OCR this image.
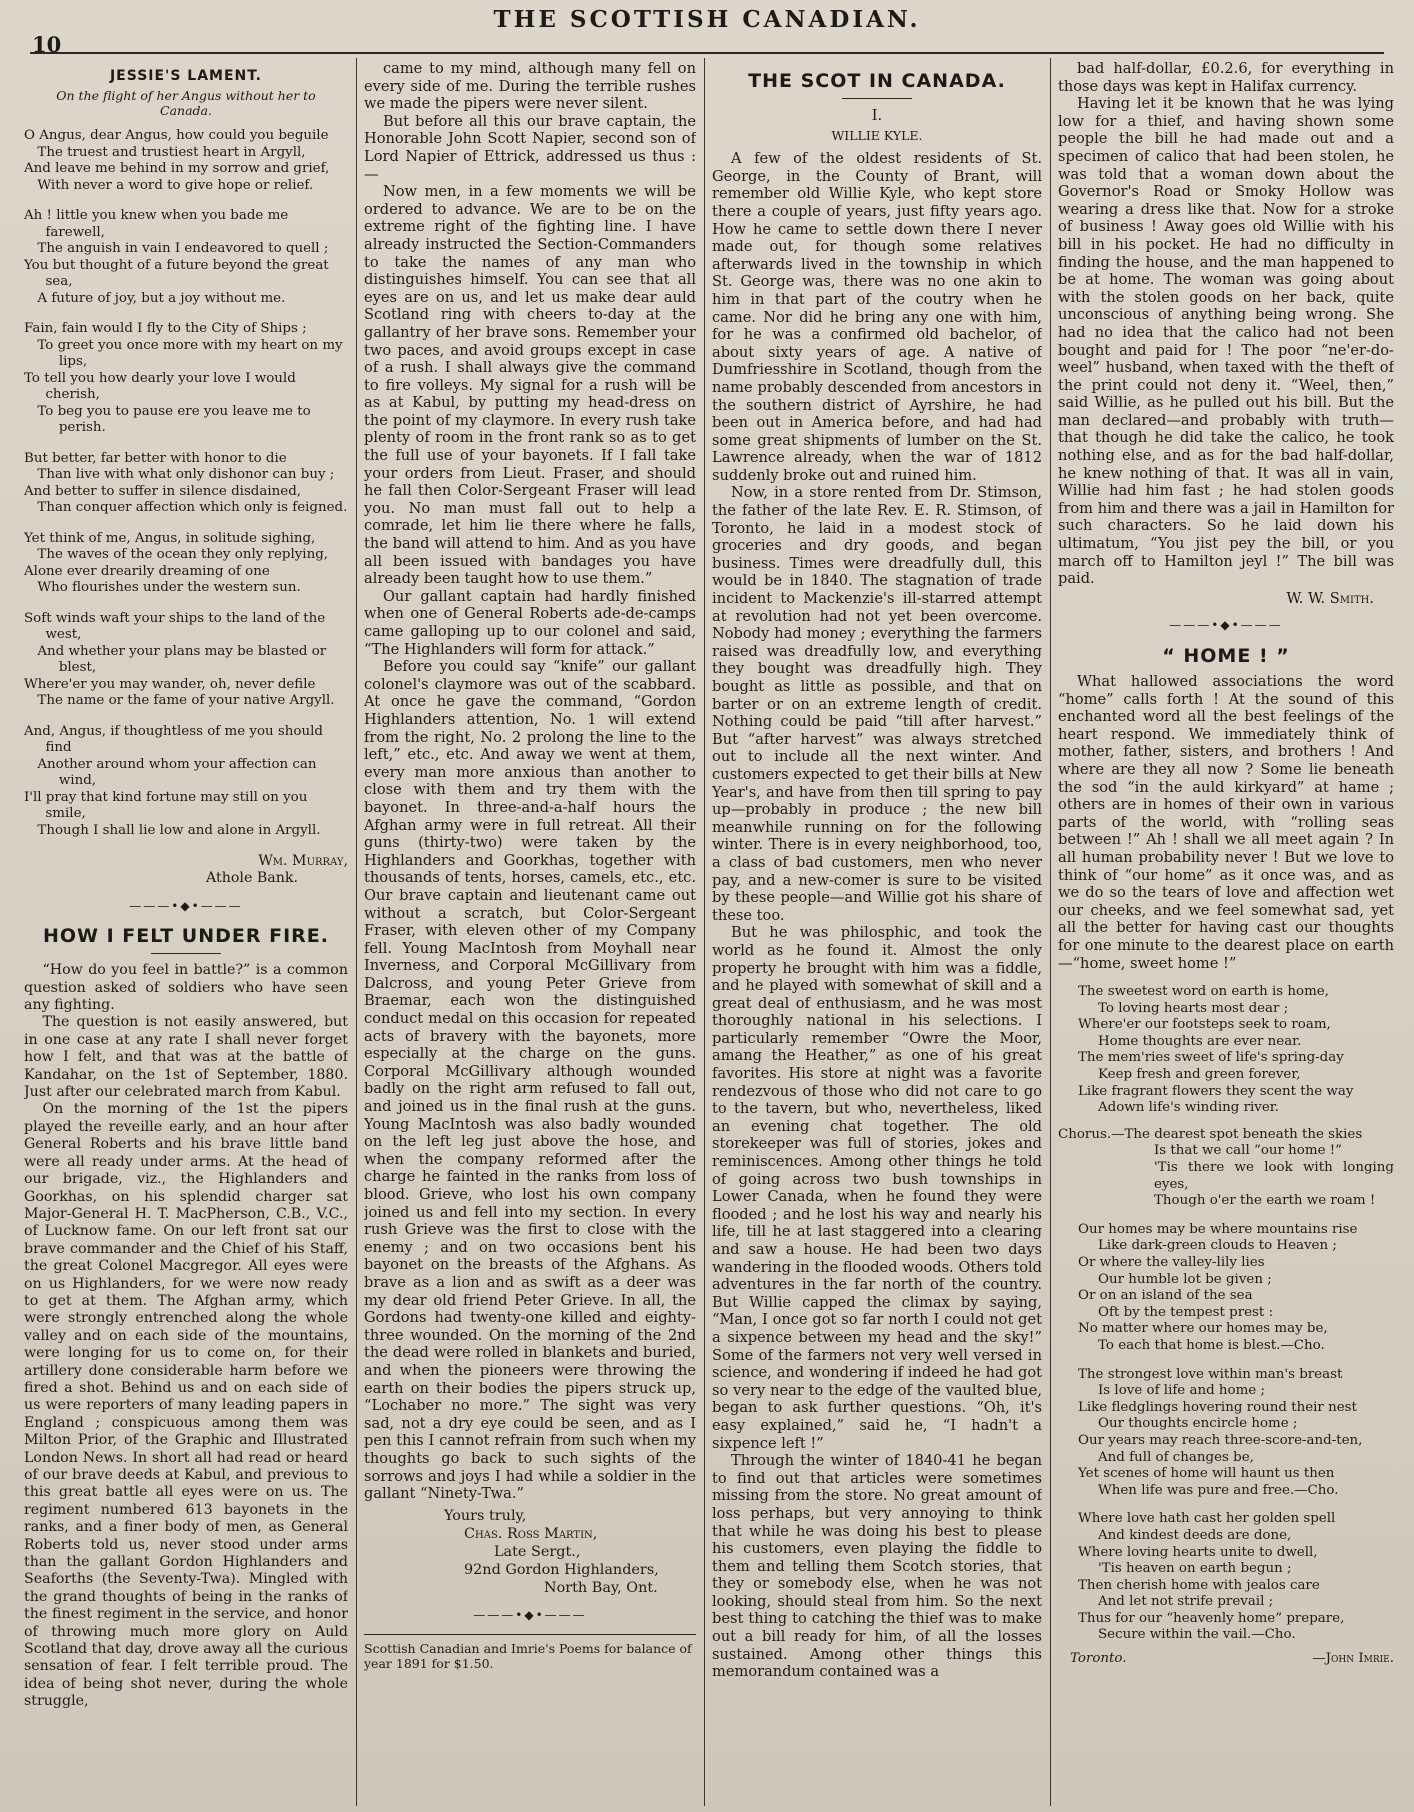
THE SCOTTISH CANADIAN.
10
JESSIE'S LAMENT.
On the flight of her Angus without her to Canada.
O Angus, dear Angus, how could you beguile
The truest and trustiest heart in Argyll,
And leave me behind in my sorrow and grief,
With never a word to give hope or relief.
Ah ! little you knew when you bade me farewell,
The anguish in vain I endeavored to quell ;
You but thought of a future beyond the great sea,
A future of joy, but a joy without me.
Fain, fain would I fly to the City of Ships ;
To greet you once more with my heart on my lips,
To tell you how dearly your love I would cherish,
To beg you to pause ere you leave me to perish.
But better, far better with honor to die
Than live with what only dishonor can buy ;
And better to suffer in silence disdained,
Than conquer affection which only is feigned.
Yet think of me, Angus, in solitude sighing,
The waves of the ocean they only replying,
Alone ever drearily dreaming of one
Who flourishes under the western sun.
Soft winds waft your ships to the land of the west,
And whether your plans may be blasted or blest,
Where'er you may wander, oh, never defile
The name or the fame of your native Argyll.
And, Angus, if thoughtless of me you should find
Another around whom your affection can wind,
I'll pray that kind fortune may still on you smile,
Though I shall lie low and alone in Argyll.
Wm. Murray,
Athole Bank.
———•◆•———
HOW I FELT UNDER FIRE.

“How do you feel in battle?” is a common question asked of soldiers who have seen any fighting.

The question is not easily answered, but in one case at any rate I shall never forget how I felt, and that was at the battle of Kandahar, on the 1st of September, 1880. Just after our celebrated march from Kabul.

On the morning of the 1st the pipers played the reveille early, and an hour after General Roberts and his brave little band were all ready under arms. At the head of our brigade, viz., the Highlanders and Goorkhas, on his splendid charger sat Major-General H. T. MacPherson, C.B., V.C., of Lucknow fame. On our left front sat our brave commander and the Chief of his Staff, the great Colonel Macgregor. All eyes were on us Highlanders, for we were now ready to get at them. The Afghan army, which were strongly entrenched along the whole valley and on each side of the mountains, were longing for us to come on, for their artillery done considerable harm before we fired a shot. Behind us and on each side of us were reporters of many leading papers in England ; conspicuous among them was Milton Prior, of the Graphic and Illustrated London News. In short all had read or heard of our brave deeds at Kabul, and previous to this great battle all eyes were on us. The regiment numbered 613 bayonets in the ranks, and a finer body of men, as General Roberts told us, never stood under arms than the gallant Gordon Highlanders and Seaforths (the Seventy-Twa). Mingled with the grand thoughts of being in the ranks of the finest regiment in the service, and honor of throwing much more glory on Auld Scotland that day, drove away all the curious sensation of fear. I felt terrible proud. The idea of being shot never, during the whole struggle,

came to my mind, although many fell on every side of me. During the terrible rushes we made the pipers were never silent.

But before all this our brave captain, the Honorable John Scott Napier, second son of Lord Napier of Ettrick, addressed us thus :—

Now men, in a few moments we will be ordered to advance. We are to be on the extreme right of the fighting line. I have already instructed the Section-Commanders to take the names of any man who distinguishes himself. You can see that all eyes are on us, and let us make dear auld Scotland ring with cheers to-day at the gallantry of her brave sons. Remember your two paces, and avoid groups except in case of a rush. I shall always give the command to fire volleys. My signal for a rush will be as at Kabul, by putting my head-dress on the point of my claymore. In every rush take plenty of room in the front rank so as to get the full use of your bayonets. If I fall take your orders from Lieut. Fraser, and should he fall then Color-Sergeant Fraser will lead you. No man must fall out to help a comrade, let him lie there where he falls, the band will attend to him. And as you have all been issued with bandages you have already been taught how to use them.”

Our gallant captain had hardly finished when one of General Roberts ade-de-camps came galloping up to our colonel and said, “The Highlanders will form for attack.”

Before you could say “knife” our gallant colonel's claymore was out of the scabbard. At once he gave the command, “Gordon Highlanders attention, No. 1 will extend from the right, No. 2 prolong the line to the left,” etc., etc. And away we went at them, every man more anxious than another to close with them and try them with the bayonet. In three-and-a-half hours the Afghan army were in full retreat. All their guns (thirty-two) were taken by the Highlanders and Goorkhas, together with thousands of tents, horses, camels, etc., etc. Our brave captain and lieutenant came out without a scratch, but Color-Sergeant Fraser, with eleven other of my Company fell. Young MacIntosh from Moyhall near Inverness, and Corporal McGillivary from Dalcross, and young Peter Grieve from Braemar, each won the distinguished conduct medal on this occasion for repeated acts of bravery with the bayonets, more especially at the charge on the guns. Corporal McGillivary although wounded badly on the right arm refused to fall out, and joined us in the final rush at the guns. Young MacIntosh was also badly wounded on the left leg just above the hose, and when the company reformed after the charge he fainted in the ranks from loss of blood. Grieve, who lost his own company joined us and fell into my section. In every rush Grieve was the first to close with the enemy ; and on two occasions bent his bayonet on the breasts of the Afghans. As brave as a lion and as swift as a deer was my dear old friend Peter Grieve. In all, the Gordons had twenty-one killed and eighty-three wounded. On the morning of the 2nd the dead were rolled in blankets and buried, and when the pioneers were throwing the earth on their bodies the pipers struck up, “Lochaber no more.” The sight was very sad, not a dry eye could be seen, and as I pen this I cannot refrain from such when my thoughts go back to such sights of the sorrows and joys I had while a soldier in the gallant “Ninety-Twa.”

Yours truly,
Chas. Ross Martin,
Late Sergt.,
92nd Gordon Highlanders,
North Bay, Ont.
———•◆•———
Scottish Canadian and Imrie's Poems for balance of year 1891 for $1.50.
THE SCOT IN CANADA.
I.
WILLIE KYLE.

A few of the oldest residents of St. George, in the County of Brant, will remember old Willie Kyle, who kept store there a couple of years, just fifty years ago. How he came to settle down there I never made out, for though some relatives afterwards lived in the township in which St. George was, there was no one akin to him in that part of the coutry when he came. Nor did he bring any one with him, for he was a confirmed old bachelor, of about sixty years of age. A native of Dumfriesshire in Scotland, though from the name probably descended from ancestors in the southern district of Ayrshire, he had been out in America before, and had had some great shipments of lumber on the St. Lawrence already, when the war of 1812 suddenly broke out and ruined him.

Now, in a store rented from Dr. Stimson, the father of the late Rev. E. R. Stimson, of Toronto, he laid in a modest stock of groceries and dry goods, and began business. Times were dreadfully dull, this would be in 1840. The stagnation of trade incident to Mackenzie's ill-starred attempt at revolution had not yet been overcome. Nobody had money ; everything the farmers raised was dreadfully low, and everything they bought was dreadfully high. They bought as little as possible, and that on barter or on an extreme length of credit. Nothing could be paid “till after harvest.” But “after harvest” was always stretched out to include all the next winter. And customers expected to get their bills at New Year's, and have from then till spring to pay up—probably in produce ; the new bill meanwhile running on for the following winter. There is in every neighborhood, too, a class of bad customers, men who never pay, and a new-comer is sure to be visited by these people—and Willie got his share of these too.

But he was philosphic, and took the world as he found it. Almost the only property he brought with him was a fiddle, and he played with somewhat of skill and a great deal of enthusiasm, and he was most thoroughly national in his selections. I particularly remember “Owre the Moor, amang the Heather,” as one of his great favorites. His store at night was a favorite rendezvous of those who did not care to go to the tavern, but who, nevertheless, liked an evening chat together. The old storekeeper was full of stories, jokes and reminiscences. Among other things he told of going across two bush townships in Lower Canada, when he found they were flooded ; and he lost his way and nearly his life, till he at last staggered into a clearing and saw a house. He had been two days wandering in the flooded woods. Others told adventures in the far north of the country. But Willie capped the climax by saying, “Man, I once got so far north I could not get a sixpence between my head and the sky!” Some of the farmers not very well versed in science, and wondering if indeed he had got so very near to the edge of the vaulted blue, began to ask further questions. “Oh, it's easy explained,” said he, “I hadn't a sixpence left !”

Through the winter of 1840-41 he began to find out that articles were sometimes missing from the store. No great amount of loss perhaps, but very annoying to think that while he was doing his best to please his customers, even playing the fiddle to them and telling them Scotch stories, that they or somebody else, when he was not looking, should steal from him. So the next best thing to catching the thief was to make out a bill ready for him, of all the losses sustained. Among other things this memorandum contained was a

bad half-dollar, £0.2.6, for everything in those days was kept in Halifax currency.

Having let it be known that he was lying low for a thief, and having shown some people the bill he had made out and a specimen of calico that had been stolen, he was told that a woman down about the Governor's Road or Smoky Hollow was wearing a dress like that. Now for a stroke of business ! Away goes old Willie with his bill in his pocket. He had no difficulty in finding the house, and the man happened to be at home. The woman was going about with the stolen goods on her back, quite unconscious of anything being wrong. She had no idea that the calico had not been bought and paid for ! The poor “ne'er-do-weel” husband, when taxed with the theft of the print could not deny it. “Weel, then,” said Willie, as he pulled out his bill. But the man declared—and probably with truth— that though he did take the calico, he took nothing else, and as for the bad half-dollar, he knew nothing of that. It was all in vain, Willie had him fast ; he had stolen goods from him and there was a jail in Hamilton for such characters. So he laid down his ultimatum, “You jist pey the bill, or you march off to Hamilton jeyl !” The bill was paid.

W. W. Smith.
———•◆•———
“ HOME ! ”

What hallowed associations the word “home” calls forth ! At the sound of this enchanted word all the best feelings of the heart respond. We immediately think of mother, father, sisters, and brothers ! And where are they all now ? Some lie beneath the sod “in the auld kirkyard” at hame ; others are in homes of their own in various parts of the world, with “rolling seas between !” Ah ! shall we all meet again ? In all human probability never ! But we love to think of “our home” as it once was, and as we do so the tears of love and affection wet our cheeks, and we feel somewhat sad, yet all the better for having cast our thoughts for one minute to the dearest place on earth—“home, sweet home !”

The sweetest word on earth is home,
To loving hearts most dear ;
Where'er our footsteps seek to roam,
Home thoughts are ever near.
The mem'ries sweet of life's spring-day
Keep fresh and green forever,
Like fragrant flowers they scent the way
Adown life's winding river.
Chorus.—The dearest spot beneath the skies
Is that we call “our home !”
'Tis there we look with longing eyes,
Though o'er the earth we roam !
Our homes may be where mountains rise
Like dark-green clouds to Heaven ;
Or where the valley-lily lies
Our humble lot be given ;
Or on an island of the sea
Oft by the tempest prest :
No matter where our homes may be,
To each that home is blest.—Cho.
The strongest love within man's breast
Is love of life and home ;
Like fledglings hovering round their nest
Our thoughts encircle home ;
Our years may reach three-score-and-ten,
And full of changes be,
Yet scenes of home will haunt us then
When life was pure and free.—Cho.
Where love hath cast her golden spell
And kindest deeds are done,
Where loving hearts unite to dwell,
'Tis heaven on earth begun ;
Then cherish home with jealos care
And let not strife prevail ;
Thus for our “heavenly home” prepare,
Secure within the vail.—Cho.
Toronto.	—John Imrie.
